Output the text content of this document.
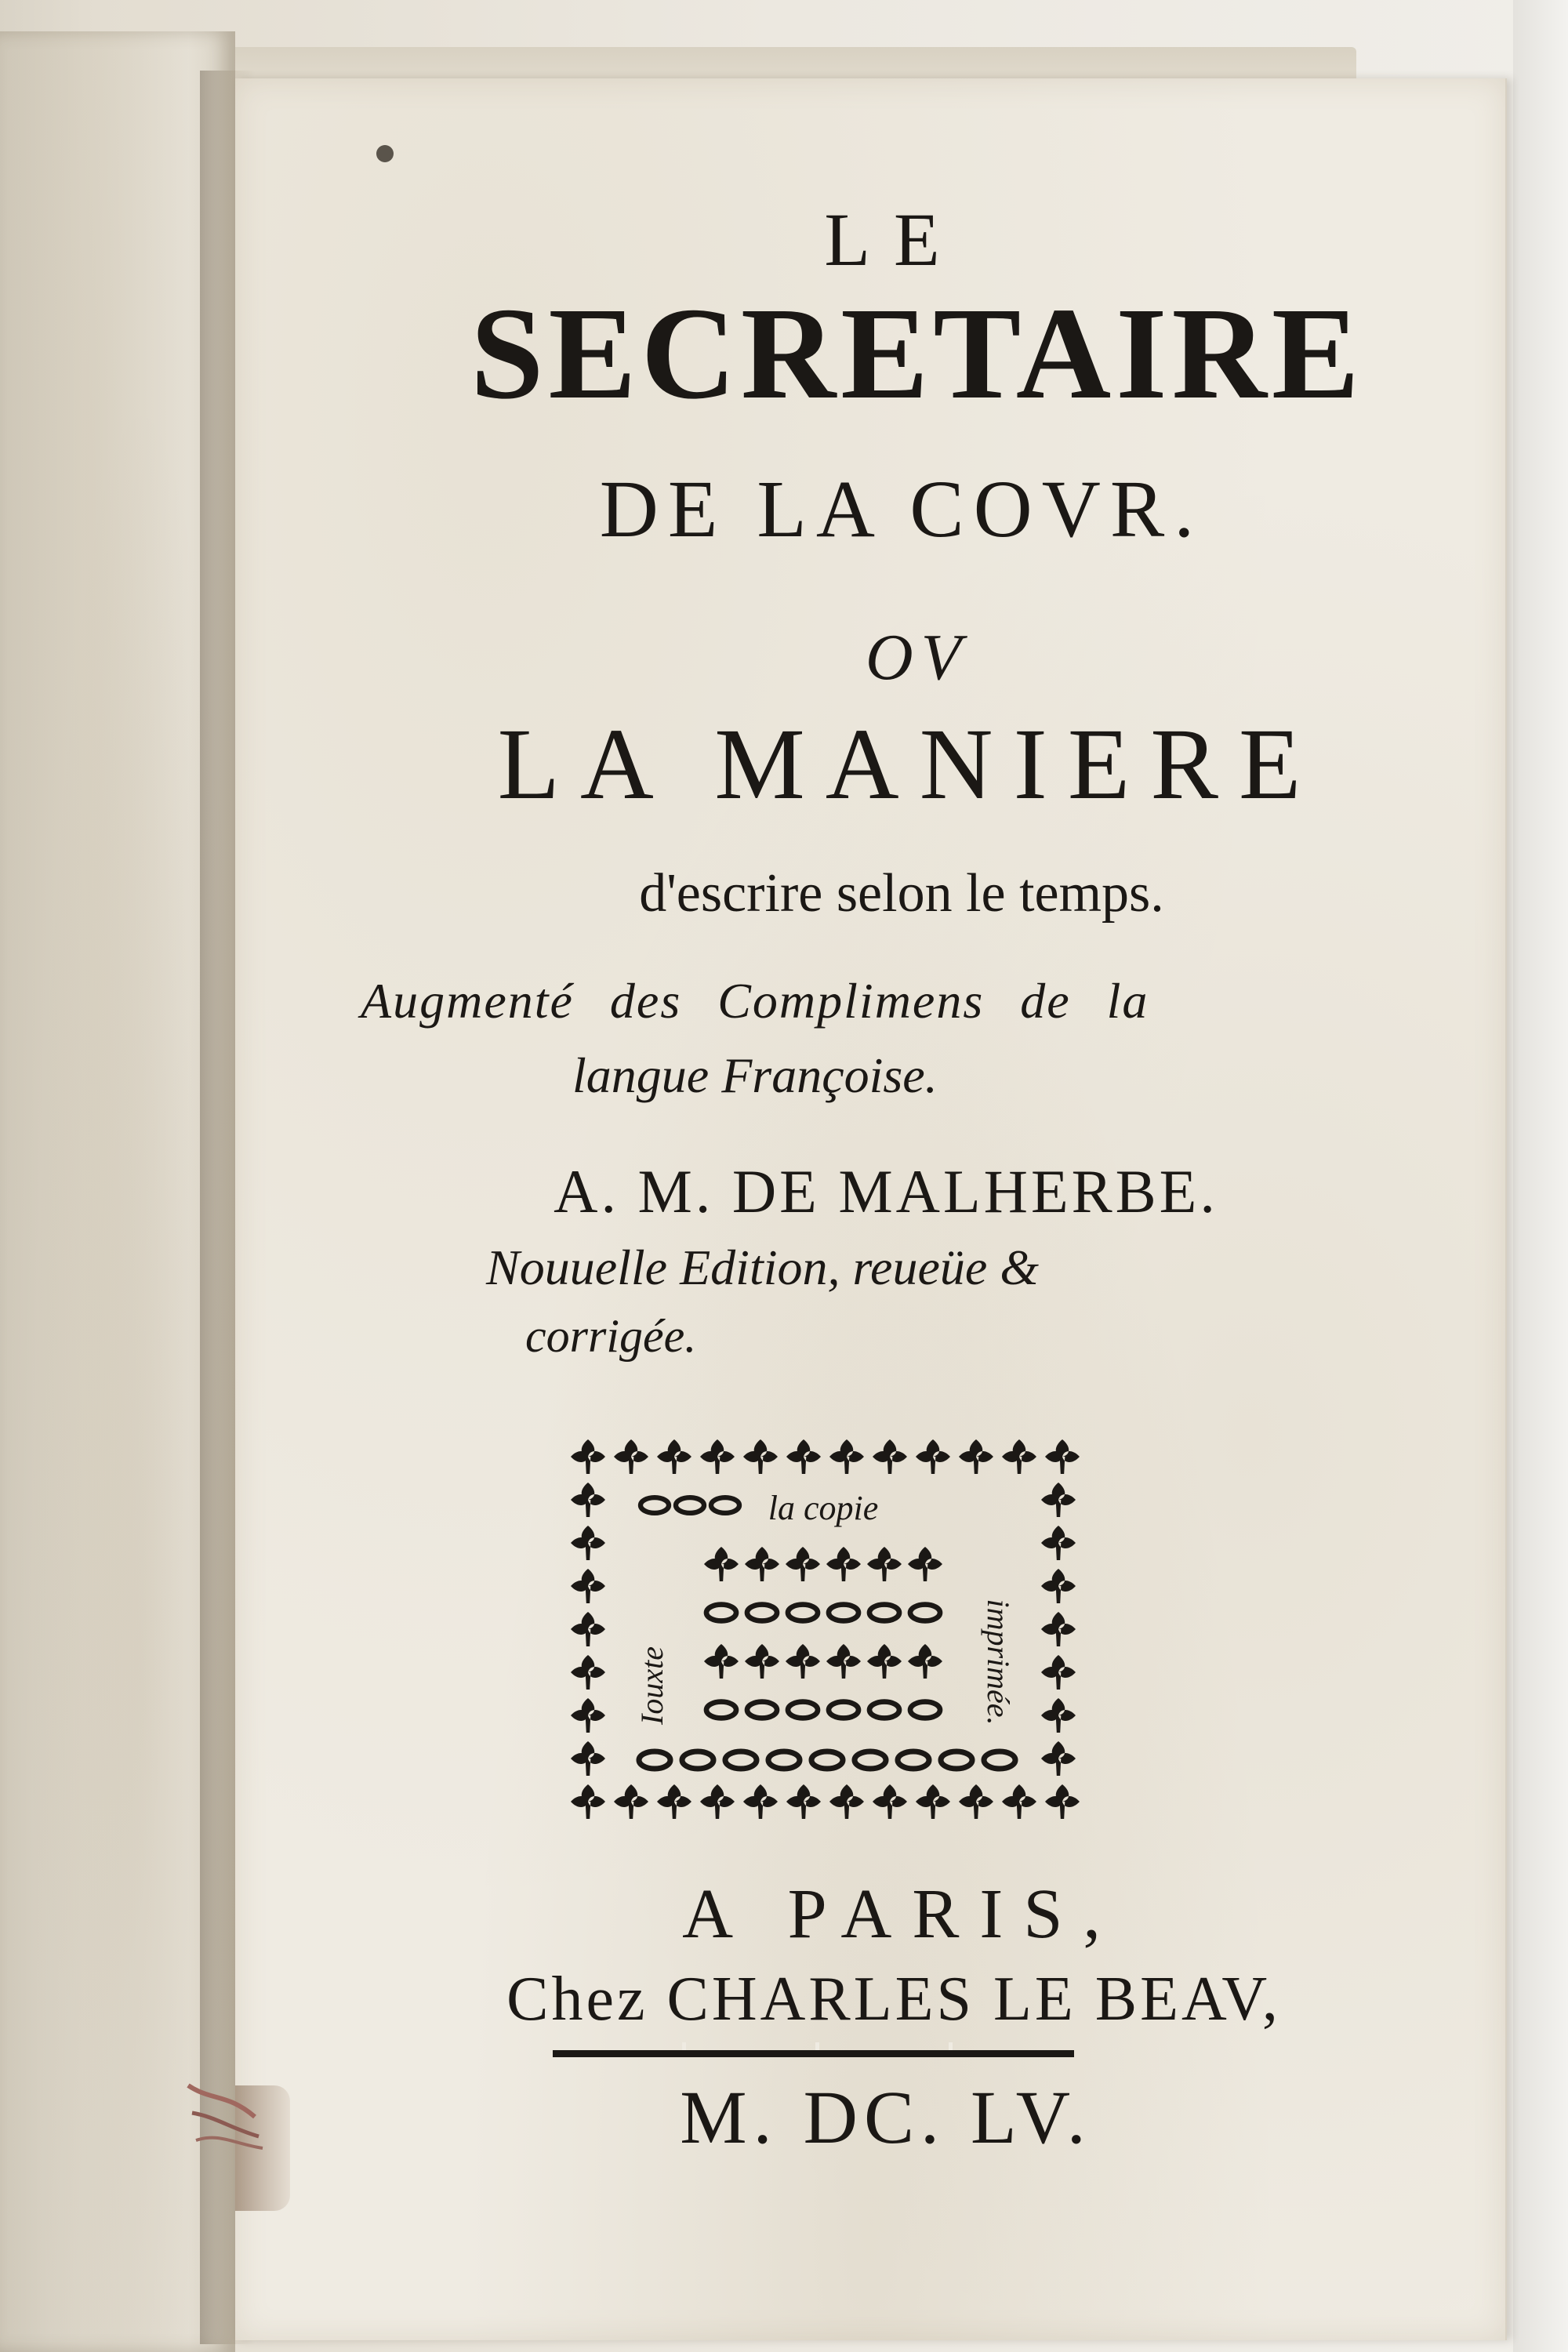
LE
SECRETAIRE
DE LA COVR.
OV
LA MANIERE
d'escrire selon le temps.
Augmenté des Complimens de la
langue Françoise.
A. M. DE MALHERBE.
Nouuelle Edition, reueüe &
corrigée.
la copie
Iouxte	imprimée.
A PARIS,
Chez CHARLES LE BEAV,
M. DC. LV.
